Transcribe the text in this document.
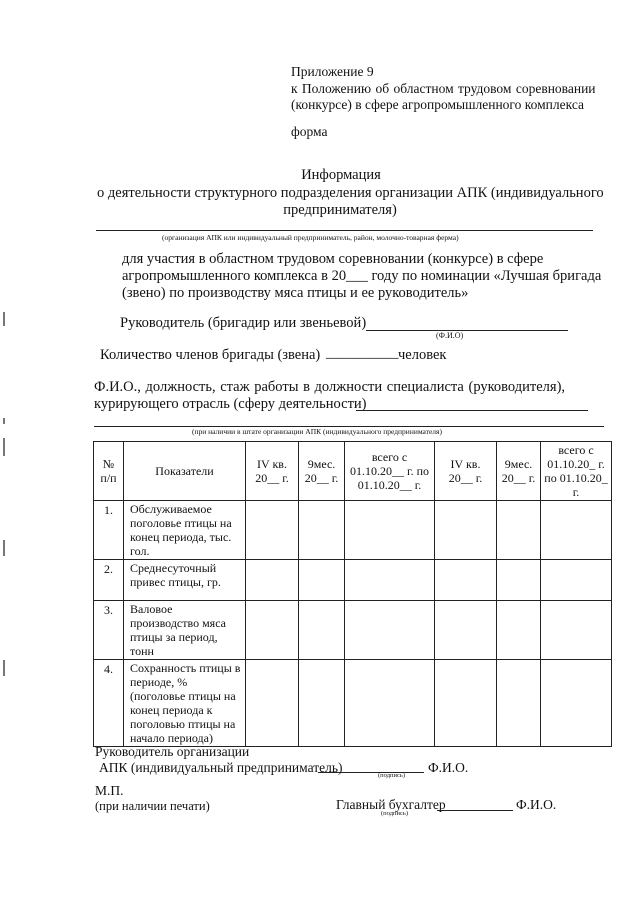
Приложение 9
к Положению об областном трудовом соревновании
(конкурсе) в сфере агропромышленного комплекса
форма
Информация
о деятельности структурного подразделения организации АПК (индивидуального
предпринимателя)
(организация АПК или индивидуальный предприниматель, район, молочно-товарная ферма)
для участия в областном трудовом соревновании (конкурсе) в сфере
агропромышленного комплекса в 20___ году по номинации «Лучшая бригада
(звено) по производству мяса птицы и ее руководитель»
Руководитель (бригадир или звеньевой)
(Ф.И.О)
Количество членов бригады (звена) __________ человек
Ф.И.О., должность, стаж работы в должности специалиста (руководителя),
курирующего отрасль (сферу деятельности)
(при наличии в штате организации АПК (индивидуального предпринимателя)
№ п/п	Показатели	IV кв. 20__ г.	9мес. 20__ г.	всего с 01.10.20__ г. по 01.10.20__ г.	IV кв. 20__ г.	9мес. 20__ г.	всего с 01.10.20_ г. по 01.10.20_ г.
1.	Обслуживаемое поголовье птицы на конец периода, тыс. гол.						
2.	Среднесуточный привес птицы, гр.						
3.	Валовое производство мяса птицы за период, тонн						
4.	Сохранность птицы в периоде, % (поголовье птицы на конец периода к поголовью птицы на начало периода)						
Руководитель организации
АПК (индивидуальный предприниматель)
(подпись)
Ф.И.О.
М.П.
(при наличии печати)	Главный бухгалтер
(подпись)
Ф.И.О.
